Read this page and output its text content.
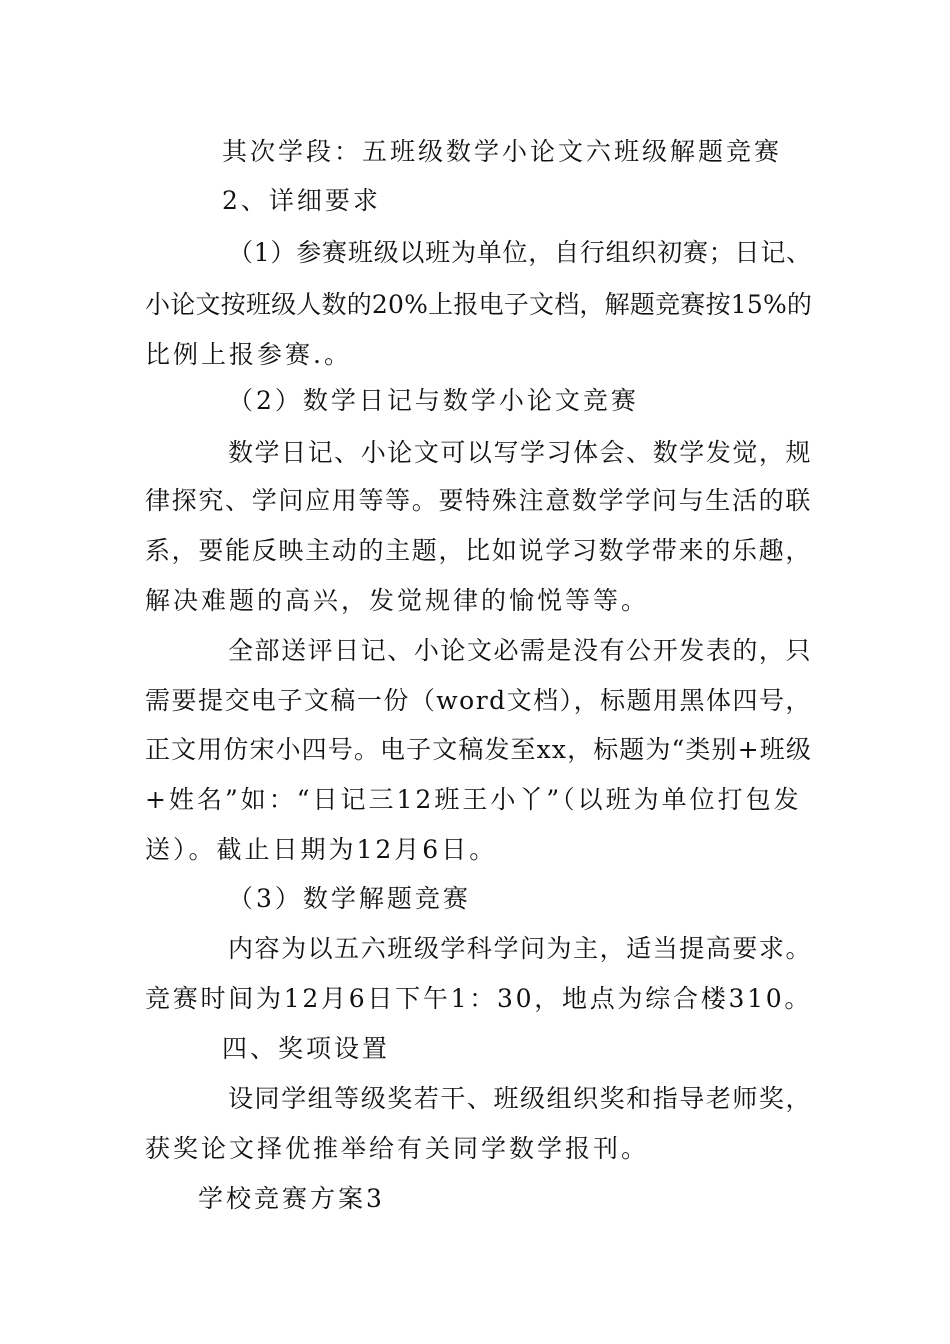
其次学段：五班级数学小论文六班级解题竞赛
2、详细要求
（1）参赛班级以班为单位，自行组织初赛；日记、
小论文按班级人数的20%上报电子文档，解题竞赛按15%的
比例上报参赛.。
（2）数学日记与数学小论文竞赛
数学日记、小论文可以写学习体会、数学发觉，规
律探究、学问应用等等。要特殊注意数学学问与生活的联
系，要能反映主动的主题，比如说学习数学带来的乐趣，
解决难题的高兴，发觉规律的愉悦等等。
全部送评日记、小论文必需是没有公开发表的，只
需要提交电子文稿一份（word文档），标题用黑体四号，
正文用仿宋小四号。电子文稿发至xx，标题为“类别+班级
+姓名”如：“日记三12班王小丫”（以班为单位打包发
送）。截止日期为12月6日。
（3）数学解题竞赛
内容为以五六班级学科学问为主，适当提高要求。
竞赛时间为12月6日下午1：30，地点为综合楼310。
四、奖项设置
设同学组等级奖若干、班级组织奖和指导老师奖，
获奖论文择优推举给有关同学数学报刊。
学校竞赛方案3
